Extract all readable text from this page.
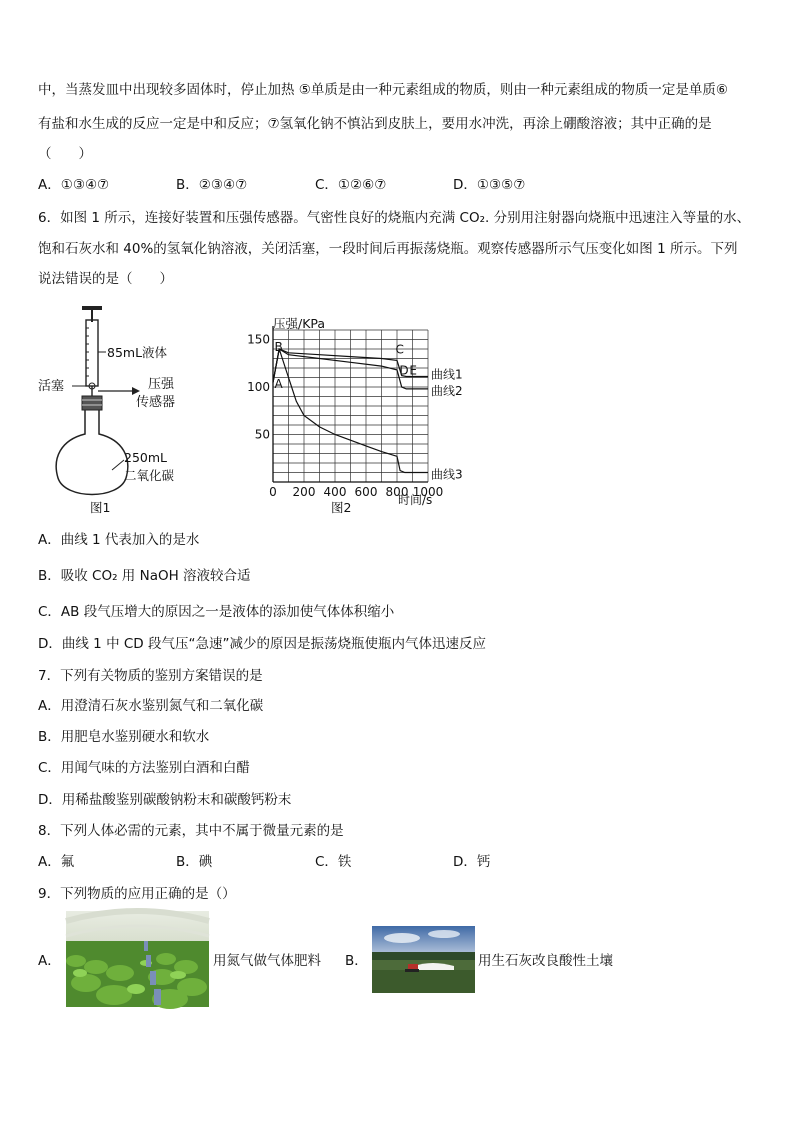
中，当蒸发皿中出现较多固体时，停止加热 ⑤单质是由一种元素组成的物质，则由一种元素组成的物质一定是单质⑥
有盐和水生成的反应一定是中和反应；⑦氢氧化钠不慎沾到皮肤上，要用水冲洗，再涂上硼酸溶液；其中正确的是
（　　）
A．①③④⑦	B．②③④⑦	C．①②⑥⑦	D．①③⑤⑦
6．如图 1 所示，连接好装置和压强传感器。气密性良好的烧瓶内充满 CO₂. 分别用注射器向烧瓶中迅速注入等量的水、
饱和石灰水和 40%的氢氧化钠溶液，关闭活塞，一段时间后再振荡烧瓶。观察传感器所示气压变化如图 1 所示。下列
说法错误的是（　　）
85mL液体
活塞	压强
传感器
250mL
二氧化碳
图1
压强/KPa
时间/s
0 200 400 600 800 1000
50
100
150
曲线1
曲线2
曲线3
A
B	C
D E
图2
A．曲线 1 代表加入的是水
B．吸收 CO₂ 用 NaOH 溶液较合适
C．AB 段气压增大的原因之一是液体的添加使气体体积缩小
D．曲线 1 中 CD 段气压“急速”减少的原因是振荡烧瓶使瓶内气体迅速反应
7．下列有关物质的鉴别方案错误的是
A．用澄清石灰水鉴别氮气和二氧化碳
B．用肥皂水鉴别硬水和软水
C．用闻气味的方法鉴别白酒和白醋
D．用稀盐酸鉴别碳酸钠粉末和碳酸钙粉末
8．下列人体必需的元素，其中不属于微量元素的是
A．氟	B．碘	C．铁	D．钙
9．下列物质的应用正确的是（）
A．	用氮气做气体肥料 B．	用生石灰改良酸性土壤
